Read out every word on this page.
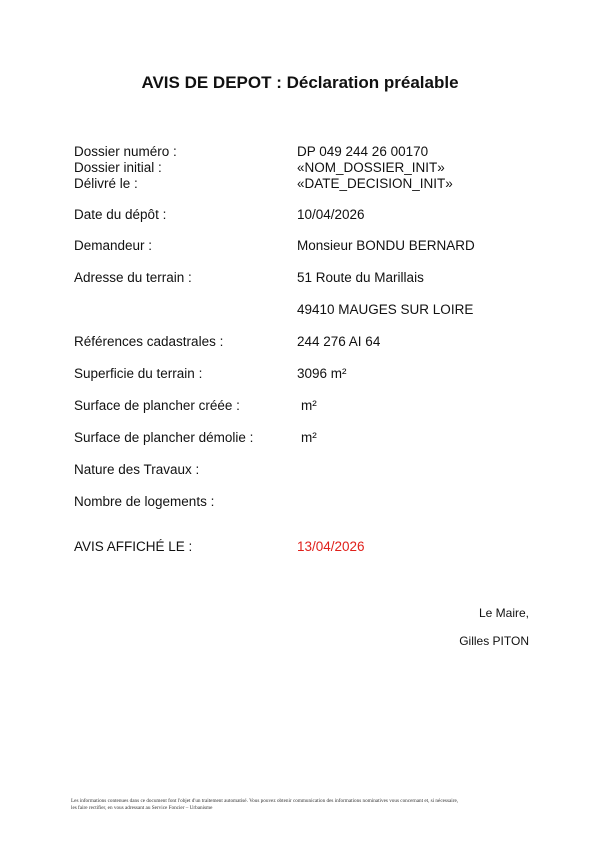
AVIS DE DEPOT : Déclaration préalable
Dossier numéro :	DP 049 244 26 00170
Dossier initial :	«NOM_DOSSIER_INIT»
Délivré le :	«DATE_DECISION_INIT»
Date du dépôt :	10/04/2026
Demandeur :	Monsieur BONDU BERNARD
Adresse du terrain :	51 Route du Marillais
49410 MAUGES SUR LOIRE
Références cadastrales :	244 276 AI 64
Superficie du terrain :	3096 m²
Surface de plancher créée :	m²
Surface de plancher démolie :	m²
Nature des Travaux :
Nombre de logements :
AVIS AFFICHÉ LE :	13/04/2026
Le Maire,
Gilles PITON
Les informations contenues dans ce document font l'objet d'un traitement automatisé. Vous pouvez obtenir communication des informations nominatives vous concernant et, si nécessaire,
les faire rectifier, en vous adressant au Service Foncier – Urbanisme
